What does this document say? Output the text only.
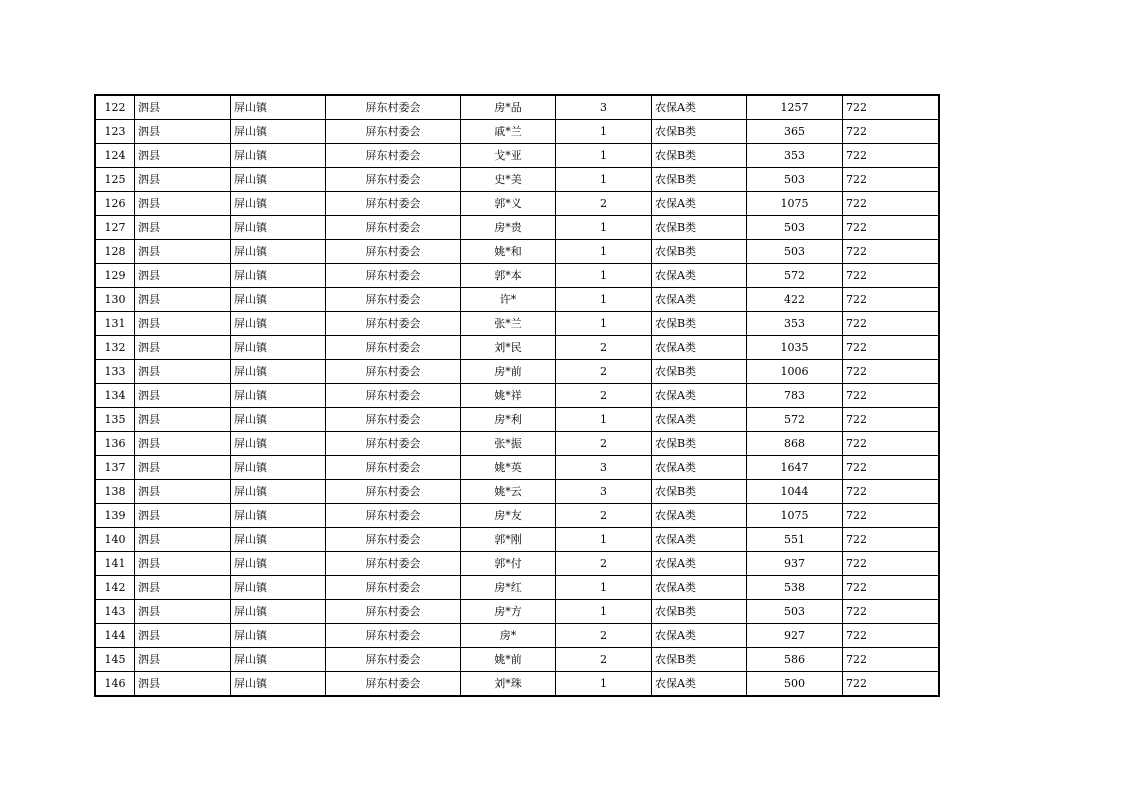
122	泗县	屏山镇	屏东村委会	房*品	3	农保A类	1257	722
123	泗县	屏山镇	屏东村委会	戚*兰	1	农保B类	365	722
124	泗县	屏山镇	屏东村委会	戈*亚	1	农保B类	353	722
125	泗县	屏山镇	屏东村委会	史*美	1	农保B类	503	722
126	泗县	屏山镇	屏东村委会	郭*义	2	农保A类	1075	722
127	泗县	屏山镇	屏东村委会	房*贵	1	农保B类	503	722
128	泗县	屏山镇	屏东村委会	姚*和	1	农保B类	503	722
129	泗县	屏山镇	屏东村委会	郭*本	1	农保A类	572	722
130	泗县	屏山镇	屏东村委会	许*	1	农保A类	422	722
131	泗县	屏山镇	屏东村委会	张*兰	1	农保B类	353	722
132	泗县	屏山镇	屏东村委会	刘*民	2	农保A类	1035	722
133	泗县	屏山镇	屏东村委会	房*前	2	农保B类	1006	722
134	泗县	屏山镇	屏东村委会	姚*祥	2	农保A类	783	722
135	泗县	屏山镇	屏东村委会	房*利	1	农保A类	572	722
136	泗县	屏山镇	屏东村委会	张*振	2	农保B类	868	722
137	泗县	屏山镇	屏东村委会	姚*英	3	农保A类	1647	722
138	泗县	屏山镇	屏东村委会	姚*云	3	农保B类	1044	722
139	泗县	屏山镇	屏东村委会	房*友	2	农保A类	1075	722
140	泗县	屏山镇	屏东村委会	郭*刚	1	农保A类	551	722
141	泗县	屏山镇	屏东村委会	郭*付	2	农保A类	937	722
142	泗县	屏山镇	屏东村委会	房*红	1	农保A类	538	722
143	泗县	屏山镇	屏东村委会	房*方	1	农保B类	503	722
144	泗县	屏山镇	屏东村委会	房*	2	农保A类	927	722
145	泗县	屏山镇	屏东村委会	姚*前	2	农保B类	586	722
146	泗县	屏山镇	屏东村委会	刘*珠	1	农保A类	500	722
